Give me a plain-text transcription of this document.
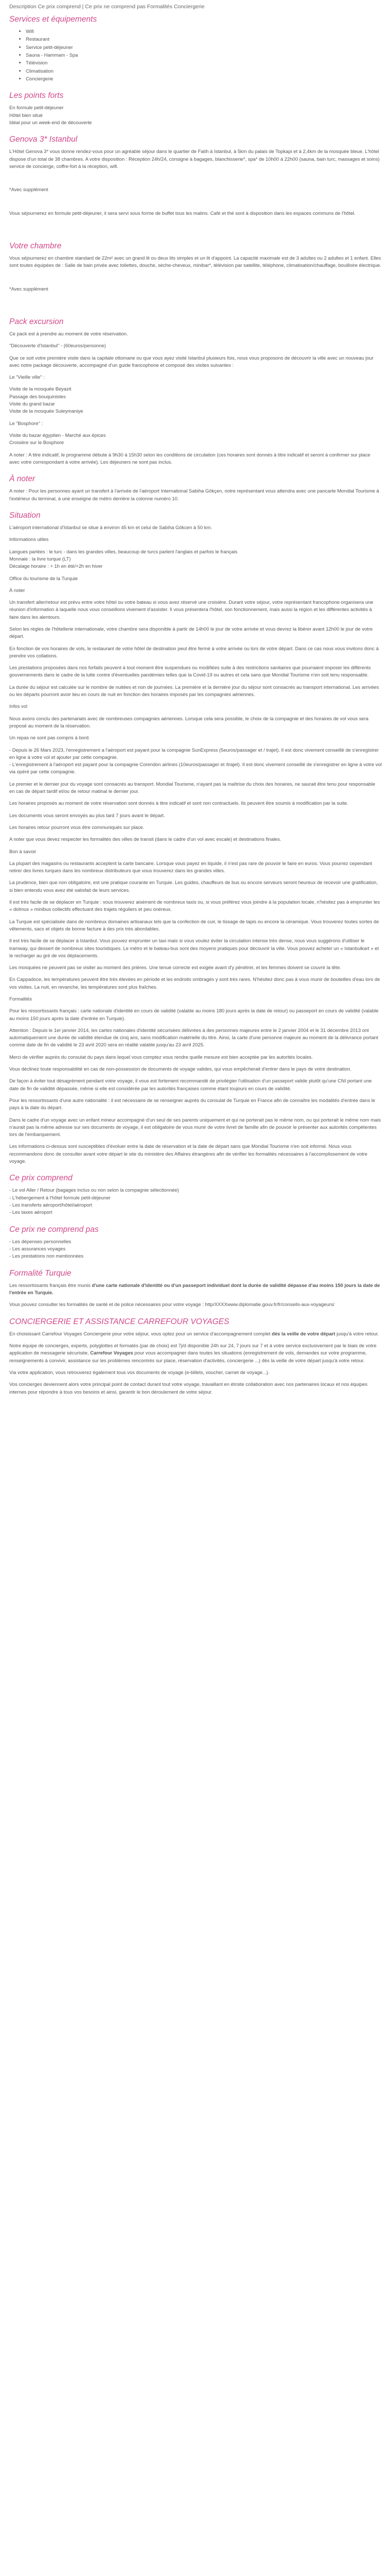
Description Ce prix comprend | Ce prix ne comprend pas Formalités Conciergerie
Services et équipements
• Wifi
• Restaurant
• Service petit-déjeuner
• Sauna - Hammam - Spa
• Télévision
• Climatisation
• Conciergerie
Les points forts
En formule petit-déjeuner
Hôtel bien situé
Idéal pour un week-end de découverte
Genova 3* Istanbul

L'Hôtel Genova 3* vous donne rendez-vous pour un agréable séjour dans le quartier de Fatih à Istanbul, à 5km du palais de Topkapi et à 2,4km de la mosquée bleue. L'hôtel dispose d'un total de 38 chambres. A votre disposition : Réception 24h/24, consigne à bagages, blanchisserie*, spa* de 10h00 à 22h00 (sauna, bain turc, massages et soins) service de concierge, coffre-fort à la réception, wifi.

*Avec supplément

Vous séjournerez en formule petit-déjeuner, il sera servi sous forme de buffet tous les matins. Café et thé sont à disposition dans les espaces communs de l'hôtel.

Votre chambre

Vous séjournerez en chambre standard de 22m² avec un grand lit ou deux lits simples et un lit d'appoint. La capacité maximale est de 3 adultes ou 2 adultes et 1 enfant. Elles sont toutes équipées de : Salle de bain privée avec toilettes, douche, sèche-cheveux, minibar*, télévision par satellite, téléphone, climatisation/chauffage, bouilloire électrique.

*Avec supplément

Pack excursion

Ce pack est à prendre au moment de votre réservation.

"Découverte d'Istanbul" - (60euros/personne)

Que ce soit votre première visite dans la capitale ottomane ou que vous ayez visité Istanbul plusieurs fois, nous vous proposons de découvrir la ville avec un nouveau jour avec notre package découverte, accompagné d'un guide francophone et composé des visites suivantes :

Le "Vieille ville" :

Visite de la mosquée Beyazit
Passage des bouquinistes
Visite du grand bazar
Visite de la mosquée Suleymaniye

Le "Bosphore" :

Visite du bazar égyptien - Marché aux épices
Croisière sur le Bosphore

A noter : A titre indicatif, le programme débute à 9h30 à 15h30 selon les conditions de circulation (ces horaires sont donnés à titre indicatif et seront à confirmer sur place avec votre correspondant à votre arrivée). Les déjeuners ne sont pas inclus.

À noter

A noter : Pour les personnes ayant un transfert à l'arrivée de l'aéroport International Sabiha Gökçen, notre représentant vous attendra avec une pancarte Mondial Tourisme à l'extérieur du terminal, à une enseigne de métro derrière la colonne numéro 10.

Situation

L'aéroport international d'Istanbul se situe à environ 45 km et celui de Sabiha Gökcen à 50 km.

Informations utiles

Langues parlées : le turc - dans les grandes villes, beaucoup de turcs parlent l'anglais et parfois le français
Monnaie : la livre turque (LT)
Décalage horaire : + 1h en été/+2h en hiver

Office du tourisme de la Turquie

À noter

Un transfert aller/retour est prévu entre votre hôtel ou votre bateau si vous avez réservé une croisière. Durant votre séjour, votre représentant francophone organisera une réunion d'information à laquelle nous vous conseillons vivement d'assister. Il vous présentera l'hôtel, son fonctionnement, mais aussi la région et les différentes activités à faire dans les alentours.

Selon les règles de l'hôtellerie internationale, votre chambre sera disponible à partir de 14h00 le jour de votre arrivée et vous devrez la libérer avant 12h00 le jour de votre départ.

En fonction de vos horaires de vols, le restaurant de votre hôtel de destination peut être fermé à votre arrivée ou lors de votre départ. Dans ce cas nous vous invitons donc à prendre vos collations.

Les prestations proposées dans nos forfaits peuvent à tout moment être suspendues ou modifiées suite à des restrictions sanitaires que pourraient imposer les différents gouvernements dans le cadre de la lutte contre d'éventuelles pandémies telles que la Covid-19 ou autres et cela sans que Mondial Tourisme n'en soit tenu responsable.

La durée du séjour est calculée sur le nombre de nuitées et non de journées. La première et la dernière jour du séjour sont consacrés au transport international. Les arrivées ou les départs pourront avoir lieu en cours de nuit en fonction des horaires imposés par les compagnies aériennes.

Infos vol

Nous avons conclu des partenariats avec de nombreuses compagnies aériennes. Lorsque cela sera possible, le choix de la compagnie et des horaires de vol vous sera proposé au moment de la réservation.

Un repas ne sont pas compris à bord.

- Depuis le 26 Mars 2023, l'enregistrement a l'aéroport est payant pour la compagnie SunExpress (5euros/passager et / trajet). Il est donc vivement conseillé de s'enregistrer en ligne à votre vol et ajouter par cette compagnie.
- L'enregistrement à l'aéroport est payant pour la compagnie Corendon airlines (10euros/passager et /trajet). Il est donc vivement conseillé de s'enregistrer en ligne à votre vol via opéré par cette compagnie.

Le premier et le dernier jour du voyage sont consacrés au transport. Mondial Tourisme, n'ayant pas la maîtrise du choix des horaires, ne saurait être tenu pour responsable en cas de départ tardif et/ou de retour matinal le dernier jour.

Les horaires proposés au moment de votre réservation sont donnés à titre indicatif et sont non contractuels. Ils peuvent être soumis à modification par la suite.

Les documents vous seront envoyés au plus tard 7 jours avant le départ.

Les horaires retour pourront vous être communiqués sur place.

A noter que vous devez respecter les formalités des villes de transit (dans le cadre d'un vol avec escale) et destinations finales.

Bon à savoir

La plupart des magasins ou restaurants acceptent la carte bancaire. Lorsque vous payez en liquide, il n'est pas rare de pouvoir le faire en euros. Vous pourrez cependant retirer des livres turques dans les nombreux distributeurs que vous trouverez dans les grandes villes.

La prudence, bien que non obligatoire, est une pratique courante en Turquie. Les guides, chauffeurs de bus ou encore serveurs seront heureux de recevoir une gratification, si bien entendu vous avez été satisfait de leurs services.

Il est très facile de se déplacer en Turquie : vous trouverez aisément de nombreux taxis ou, si vous préférez vous joindre à la population locale, n'hésitez pas à emprunter les « dolmus » minibus collectifs effectuant des trajets réguliers et peu onéreux.

La Turquie est spécialisée dans de nombreux domaines artisanaux tels que la confection de cuir, le tissage de tapis ou encore la céramique. Vous trouverez toutes sortes de vêtements, sacs et objets de bonne facture à des prix très abordables.

Il est très facile de se déplacer à Istanbul. Vous pouvez emprunter un taxi mais si vous voulez éviter la circulation intense très dense, nous vous suggérons d'utiliser le tramway, qui dessert de nombreux sites touristiques. Le métro et le bateau-bus sont des moyens pratiques pour découvrir la ville. Vous pouvez acheter un « Istanbulkart » et le recharger au gré de vos déplacements.

Les mosquées ne peuvent pas se visiter au moment des prières. Une tenue correcte est exigée avant d'y pénétrer, et les femmes doivent se couvrir la tête.

En Cappadoce, les températures peuvent être très élevées en période et les endroits ombragés y sont très rares. N'hésitez donc pas à vous munir de bouteilles d'eau lors de vos visites. La nuit, en revanche, les températures sont plus fraîches.

Formalités

Pour les ressortissants français : carte nationale d'identité en cours de validité (valable au moins 180 jours après la date de retour) ou passeport en cours de validité (valable au moins 150 jours après la date d'entrée en Turquie).

Attention : Depuis le 1er janvier 2014, les cartes nationales d'identité sécurisées délivrées à des personnes majeures entre le 2 janvier 2004 et le 31 décembre 2013 ont automatiquement une durée de validité étendue de cinq ans, sans modification matérielle du titre. Ainsi, la carte d'une personne majeure au moment de la délivrance portant comme date de fin de validité le 23 avril 2020 sera en réalité valable jusqu'au 23 avril 2025.

Merci de vérifier auprès du consulat du pays dans lequel vous comptez vous rendre quelle mesure est bien acceptée par les autorités locales.

Vous déclinez toute responsabilité en cas de non-possession de documents de voyage valides, qui vous empêcherait d'entrer dans le pays de votre destination.

De façon à éviter tout désagrément pendant votre voyage, il vous est fortement recommandé de privilégier l'utilisation d'un passeport valide plutôt qu'une CNI portant une date de fin de validité dépassée, même si elle est considérée par les autorités françaises comme étant toujours en cours de validité.

Pour les ressortissants d'une autre nationalité : il est nécessaire de se renseigner auprès du consulat de Turquie en France afin de connaître les modalités d'entrée dans le pays à la date du départ.

Dans le cadre d'un voyage avec un enfant mineur accompagné d'un seul de ses parents uniquement et qui ne porterait pas le même nom, ou qui porterait le même nom mais n'aurait pas la même adresse sur ses documents de voyage, il est obligatoire de vous munir de votre livret de famille afin de pouvoir le présenter aux autorités compétentes lors de l'embarquement.

Les informations ci-dessus sont susceptibles d'évoluer entre la date de réservation et la date de départ sans que Mondial Tourisme n'en soit informé. Nous vous recommandons donc de consulter avant votre départ le site du ministère des Affaires étrangères afin de vérifier les formalités nécessaires à l'accomplissement de votre voyage.

Ce prix comprend
- Le vol Aller / Retour (bagages inclus ou non selon la compagnie sélectionnée)
- L'hébergement à l'hôtel formule petit-déjeuner
- Les transferts aéroport/hôtel/aéroport
- Les taxes aéroport
Ce prix ne comprend pas
- Les dépenses personnelles
- Les assurances voyages
- Les prestations non mentionnées
Formalité Turquie

Les ressortissants français être munis d'une carte nationale d'identité ou d'un passeport individuel dont la durée de validité dépasse d'au moins 150 jours la date de l'entrée en Turquie.

Vous pouvez consulter les formalités de santé et de police nécessaires pour votre voyage : http/XXXXwww.diplomatie.gouv.fr/fr/conseils-aux-voyageurs/

CONCIERGERIE ET ASSISTANCE CARREFOUR VOYAGES

En choisissant Carrefour Voyages Conciergerie pour votre séjour, vous optez pour un service d'accompagnement complet dès la veille de votre départ jusqu'à votre retour.

Notre équipe de concierges, experts, polyglottes et formatés (par de choix) est 7j/d disponible 24h sur 24, 7 jours sur 7 et à votre service exclusivement par le biais de votre application de messagerie sécurisée, Carrefour Voyages pour vous accompagner dans toutes les situations (enregistrement de vols, demandes sur votre programme, renseignements à convivir, assistance sur les problèmes rencontrés sur place, réservation d'activités, conciergerie ...) dès la veille de votre départ jusqu'à votre retour.

Via votre application, vous retrouverez également tous vos documents de voyage (e-billets, voucher, carnet de voyage...).

Vos concierges deviennent alors votre principal point de contact durant tout votre voyage, travaillant en étroite collaboration avec nos partenaires locaux et nos équipes internes pour répondre à tous vos besoins et ainsi, garantir le bon déroulement de votre séjour.
